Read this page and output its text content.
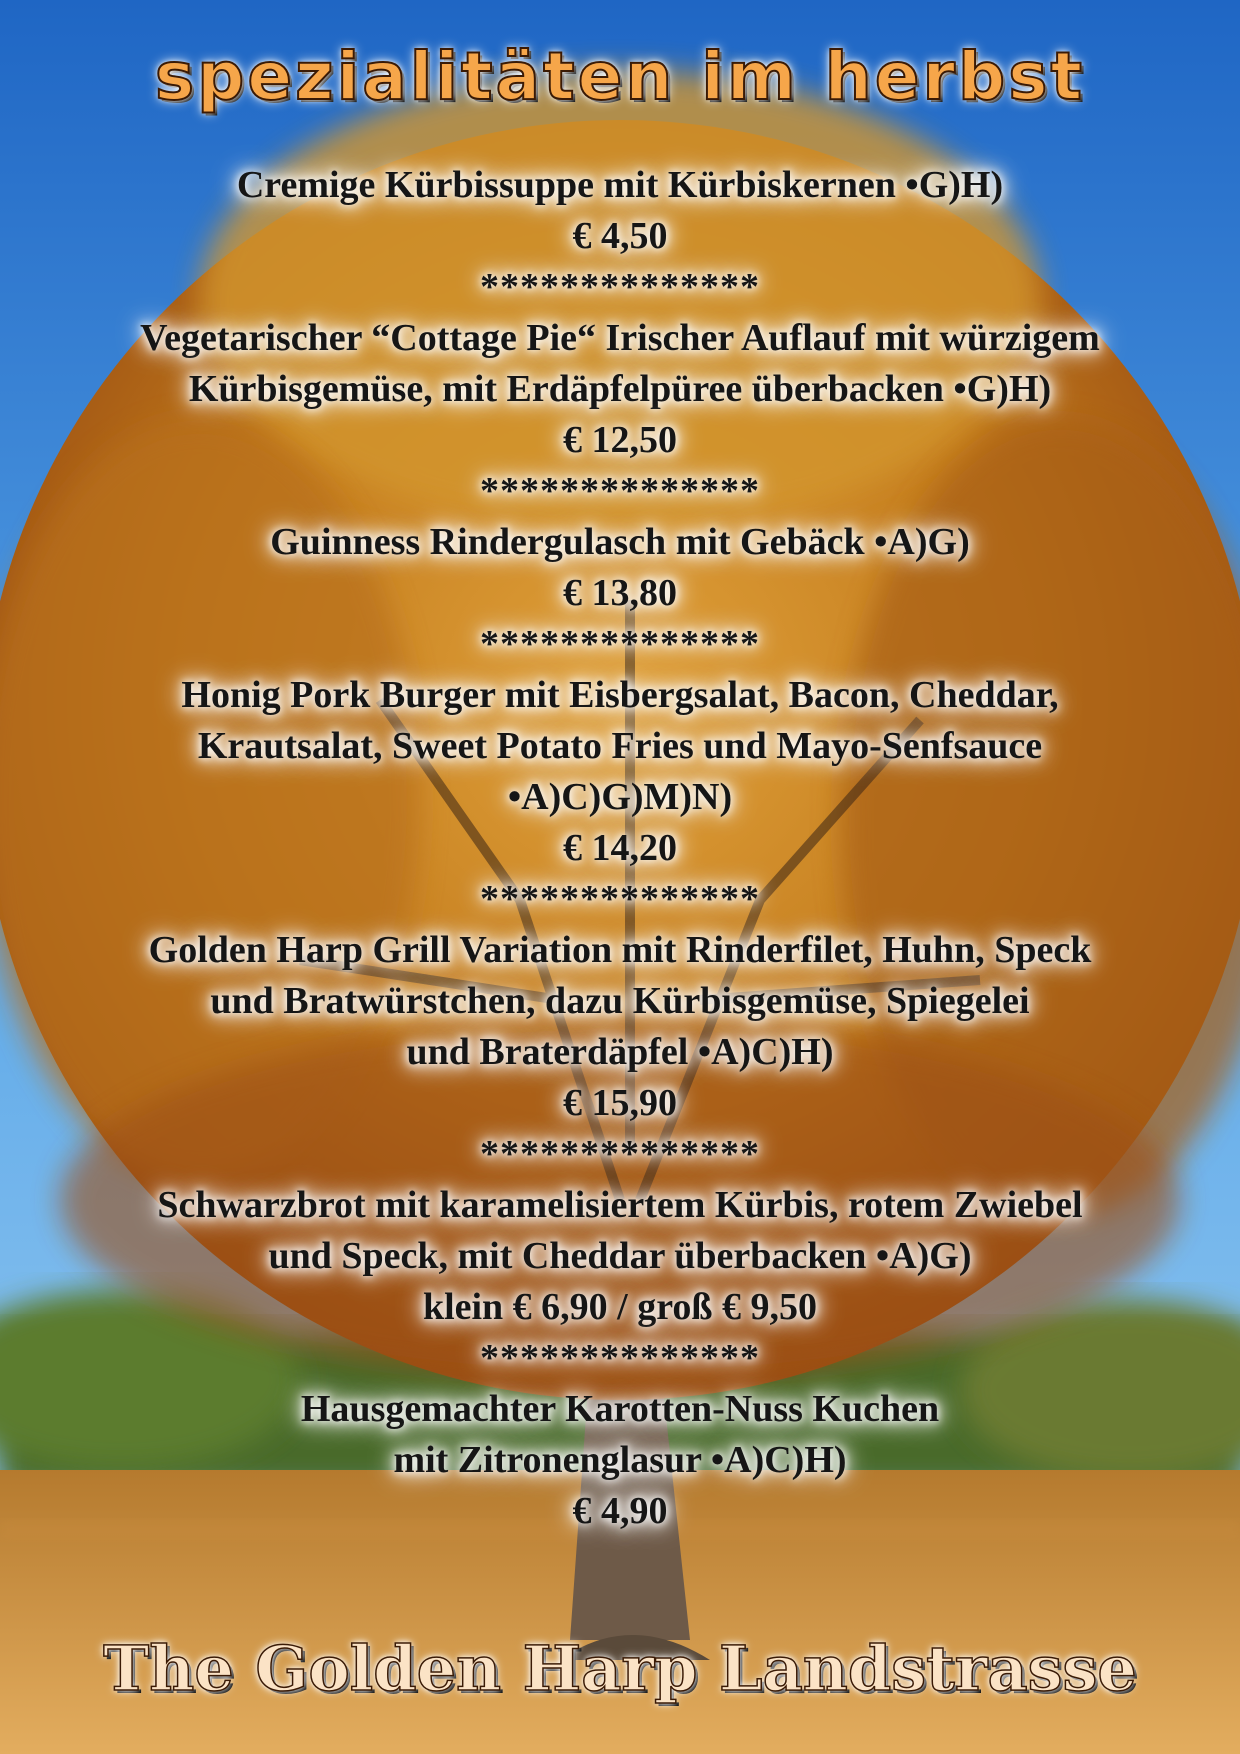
spezialitäten im herbst
Cremige Kürbissuppe mit Kürbiskernen •G)H)
€ 4,50
**************
Vegetarischer “Cottage Pie“ Irischer Auflauf mit würzigem
Kürbisgemüse, mit Erdäpfelpüree überbacken •G)H)
€ 12,50
**************
Guinness Rindergulasch mit Gebäck •A)G)
€ 13,80
**************
Honig Pork Burger mit Eisbergsalat, Bacon, Cheddar,
Krautsalat, Sweet Potato Fries und Mayo-Senfsauce
•A)C)G)M)N)
€ 14,20
**************
Golden Harp Grill Variation mit Rinderfilet, Huhn, Speck
und Bratwürstchen, dazu Kürbisgemüse, Spiegelei
und Braterdäpfel •A)C)H)
€ 15,90
**************
Schwarzbrot mit karamelisiertem Kürbis, rotem Zwiebel
und Speck, mit Cheddar überbacken •A)G)
klein € 6,90 / groß € 9,50
**************
Hausgemachter Karotten-Nuss Kuchen
mit Zitronenglasur •A)C)H)
€ 4,90
The Golden Harp Landstrasse
